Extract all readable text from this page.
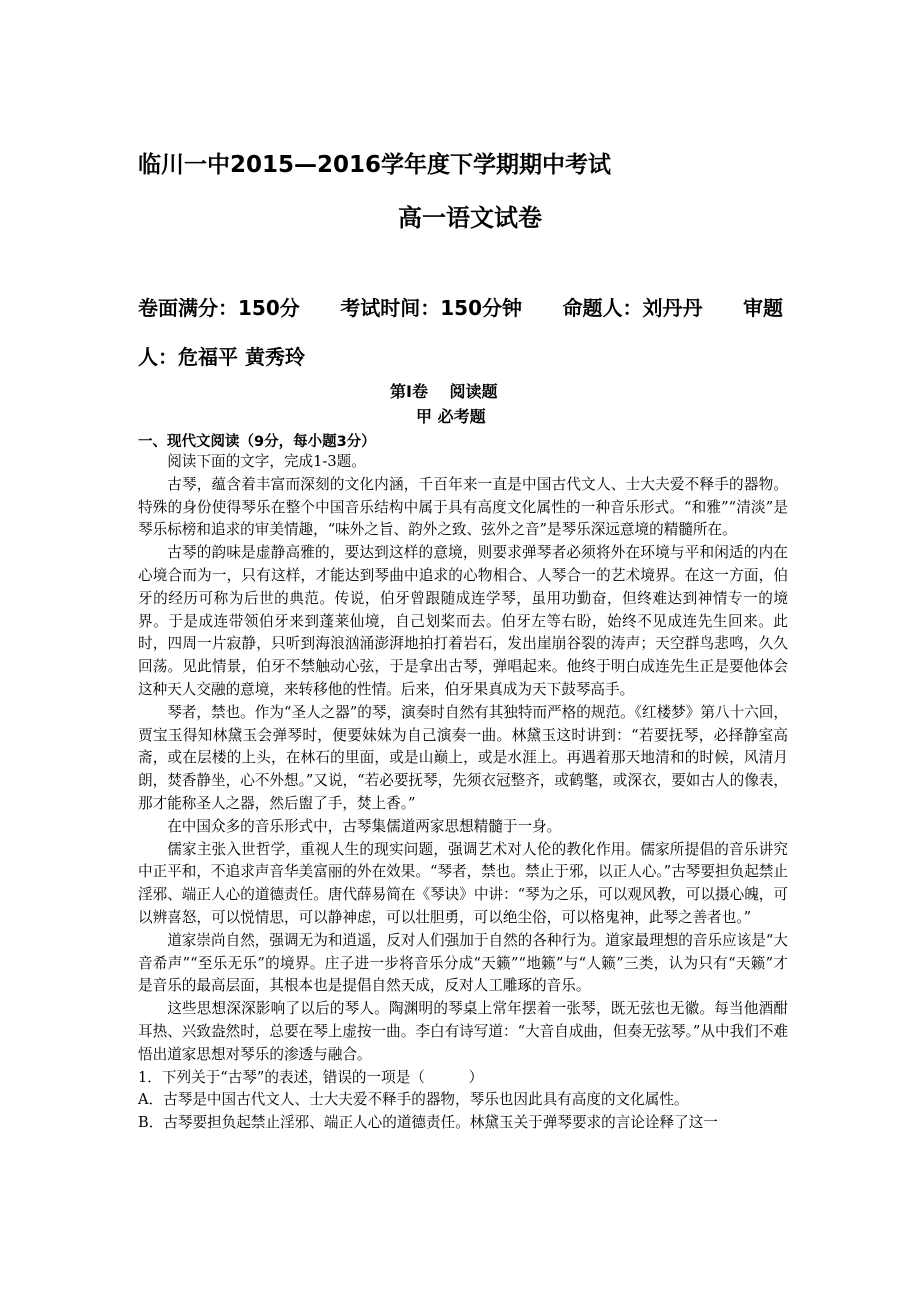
临川一中2015—2016学年度下学期期中考试
高一语文试卷
卷面满分：150分 考试时间：150分钟 命题人：刘丹丹 审题
人：危福平 黄秀玲
第Ⅰ卷　 阅读题
甲 必考题
一、现代文阅读（9分，每小题3分）

阅读下面的文字，完成1-3题。

古琴，蕴含着丰富而深刻的文化内涵，千百年来一直是中国古代文人、士大夫爱不释手的器物。特殊的身份使得琴乐在整个中国音乐结构中属于具有高度文化属性的一种音乐形式。“和雅”“清淡”是琴乐标榜和追求的审美情趣，“味外之旨、韵外之致、弦外之音”是琴乐深远意境的精髓所在。

古琴的韵味是虚静高雅的，要达到这样的意境，则要求弹琴者必须将外在环境与平和闲适的内在心境合而为一，只有这样，才能达到琴曲中追求的心物相合、人琴合一的艺术境界。在这一方面，伯牙的经历可称为后世的典范。传说，伯牙曾跟随成连学琴，虽用功勤奋，但终难达到神情专一的境界。于是成连带领伯牙来到蓬莱仙境，自己划桨而去。伯牙左等右盼，始终不见成连先生回来。此时，四周一片寂静，只听到海浪汹涌澎湃地拍打着岩石，发出崖崩谷裂的涛声；天空群鸟悲鸣，久久回荡。见此情景，伯牙不禁触动心弦，于是拿出古琴，弹唱起来。他终于明白成连先生正是要他体会这种天人交融的意境，来转移他的性情。后来，伯牙果真成为天下鼓琴高手。

琴者，禁也。作为“圣人之器”的琴，演奏时自然有其独特而严格的规范。《红楼梦》第八十六回，贾宝玉得知林黛玉会弹琴时，便要妹妹为自己演奏一曲。林黛玉这时讲到：“若要抚琴，必择静室高斋，或在层楼的上头，在林石的里面，或是山巅上，或是水涯上。再遇着那天地清和的时候，风清月朗，焚香静坐，心不外想。”又说，“若必要抚琴，先须衣冠整齐，或鹤氅，或深衣，要如古人的像表，那才能称圣人之器，然后盥了手，焚上香。”

在中国众多的音乐形式中，古琴集儒道两家思想精髓于一身。

儒家主张入世哲学，重视人生的现实问题，强调艺术对人伦的教化作用。儒家所提倡的音乐讲究中正平和，不追求声音华美富丽的外在效果。“琴者，禁也。禁止于邪，以正人心。”古琴要担负起禁止淫邪、端正人心的道德责任。唐代薛易简在《琴诀》中讲：“琴为之乐，可以观风教，可以摄心魄，可以辨喜怒，可以悦情思，可以静神虑，可以壮胆勇，可以绝尘俗，可以格鬼神，此琴之善者也。”

道家崇尚自然，强调无为和逍遥，反对人们强加于自然的各种行为。道家最理想的音乐应该是“大音希声”“至乐无乐”的境界。庄子进一步将音乐分成“天籁”“地籁”与“人籁”三类，认为只有“天籁”才是音乐的最高层面，其根本也是提倡自然天成，反对人工雕琢的音乐。

这些思想深深影响了以后的琴人。陶渊明的琴桌上常年摆着一张琴，既无弦也无徽。每当他酒酣耳热、兴致盎然时，总要在琴上虚按一曲。李白有诗写道：“大音自成曲，但奏无弦琴。”从中我们不难悟出道家思想对琴乐的渗透与融合。

1．下列关于“古琴”的表述，错误的一项是（　　　）

A．古琴是中国古代文人、士大夫爱不释手的器物，琴乐也因此具有高度的文化属性。

B．古琴要担负起禁止淫邪、端正人心的道德责任。林黛玉关于弹琴要求的言论诠释了这一
